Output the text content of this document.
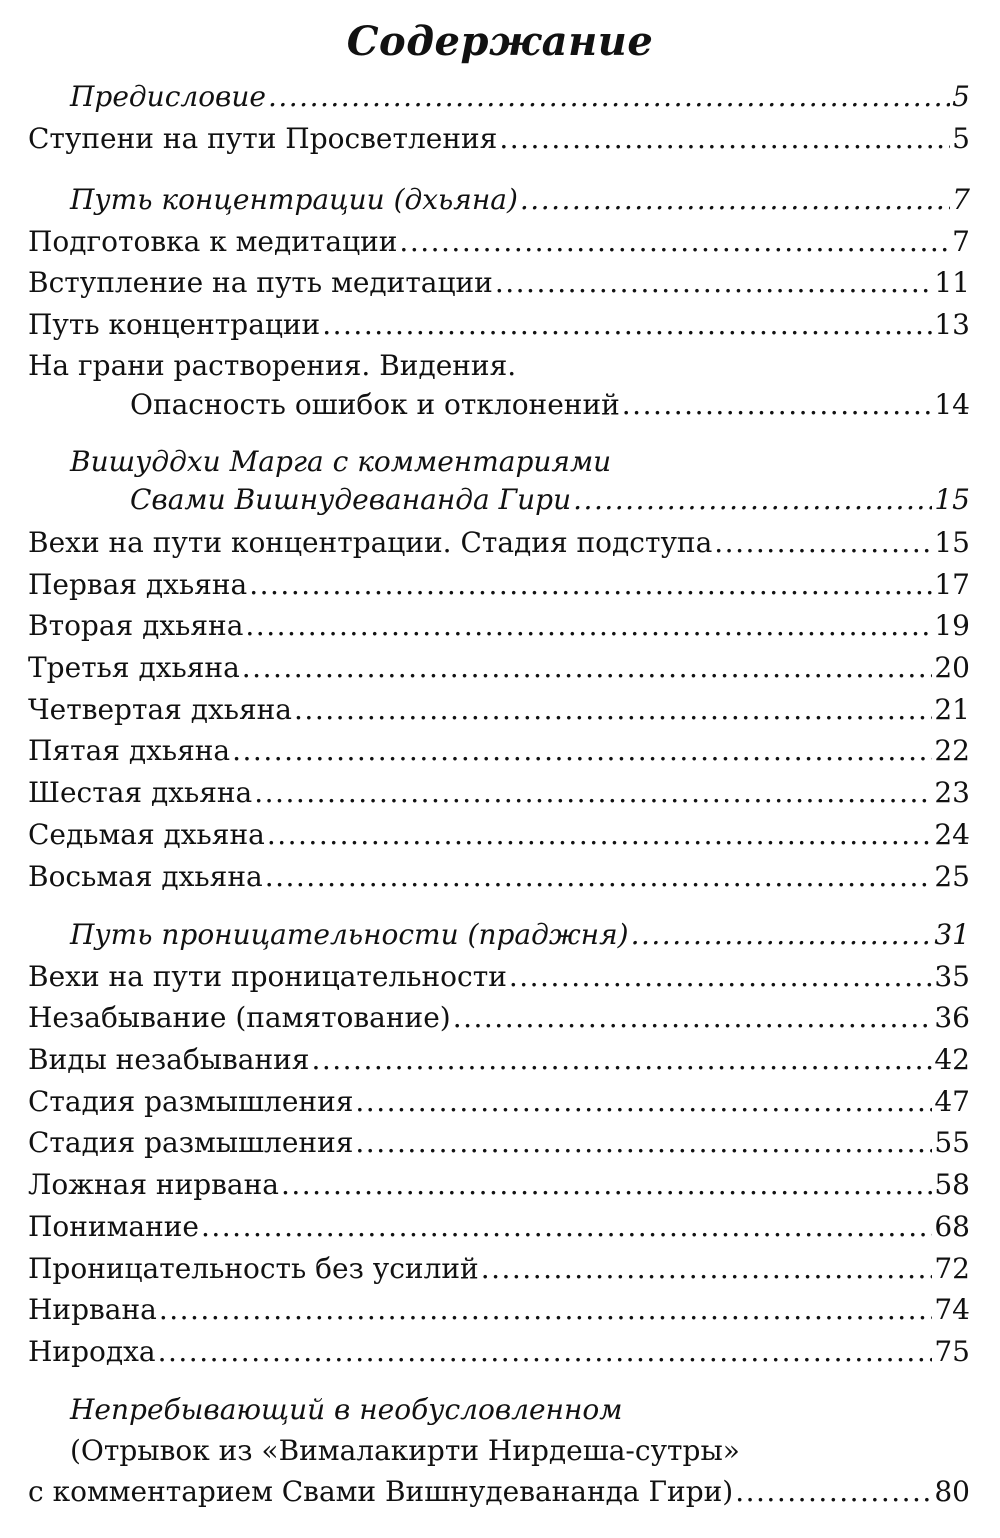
Содержание
Предисловие .....	5
Ступени на пути Просветления .....	5
Путь концентрации (дхьяна) .....	7
Подготовка к медитации .....	7
Вступление на путь медитации .....	11
Путь концентрации .....	13
На грани растворения. Видения.
Опасность ошибок и отклонений .....	14
Вишуддхи Марга с комментариями
Свами Вишнудевананда Гири .....	15
Вехи на пути концентрации. Стадия подступа .....	15
Первая дхьяна .....	17
Вторая дхьяна .....	19
Третья дхьяна .....	20
Четвертая дхьяна .....	21
Пятая дхьяна .....	22
Шестая дхьяна .....	23
Седьмая дхьяна .....	24
Восьмая дхьяна .....	25
Путь проницательности (праджня) .....	31
Вехи на пути проницательности .....	35
Незабывание (памятование) .....	36
Виды незабывания .....	42
Стадия размышления .....	47
Стадия размышления .....	55
Ложная нирвана .....	58
Понимание .....	68
Проницательность без усилий .....	72
Нирвана .....	74
Ниродха .....	75
Непребывающий в необусловленном
(Отрывок из «Вималакирти Нирдеша-сутры»
с комментарием Свами Вишнудевананда Гири) .....	80
